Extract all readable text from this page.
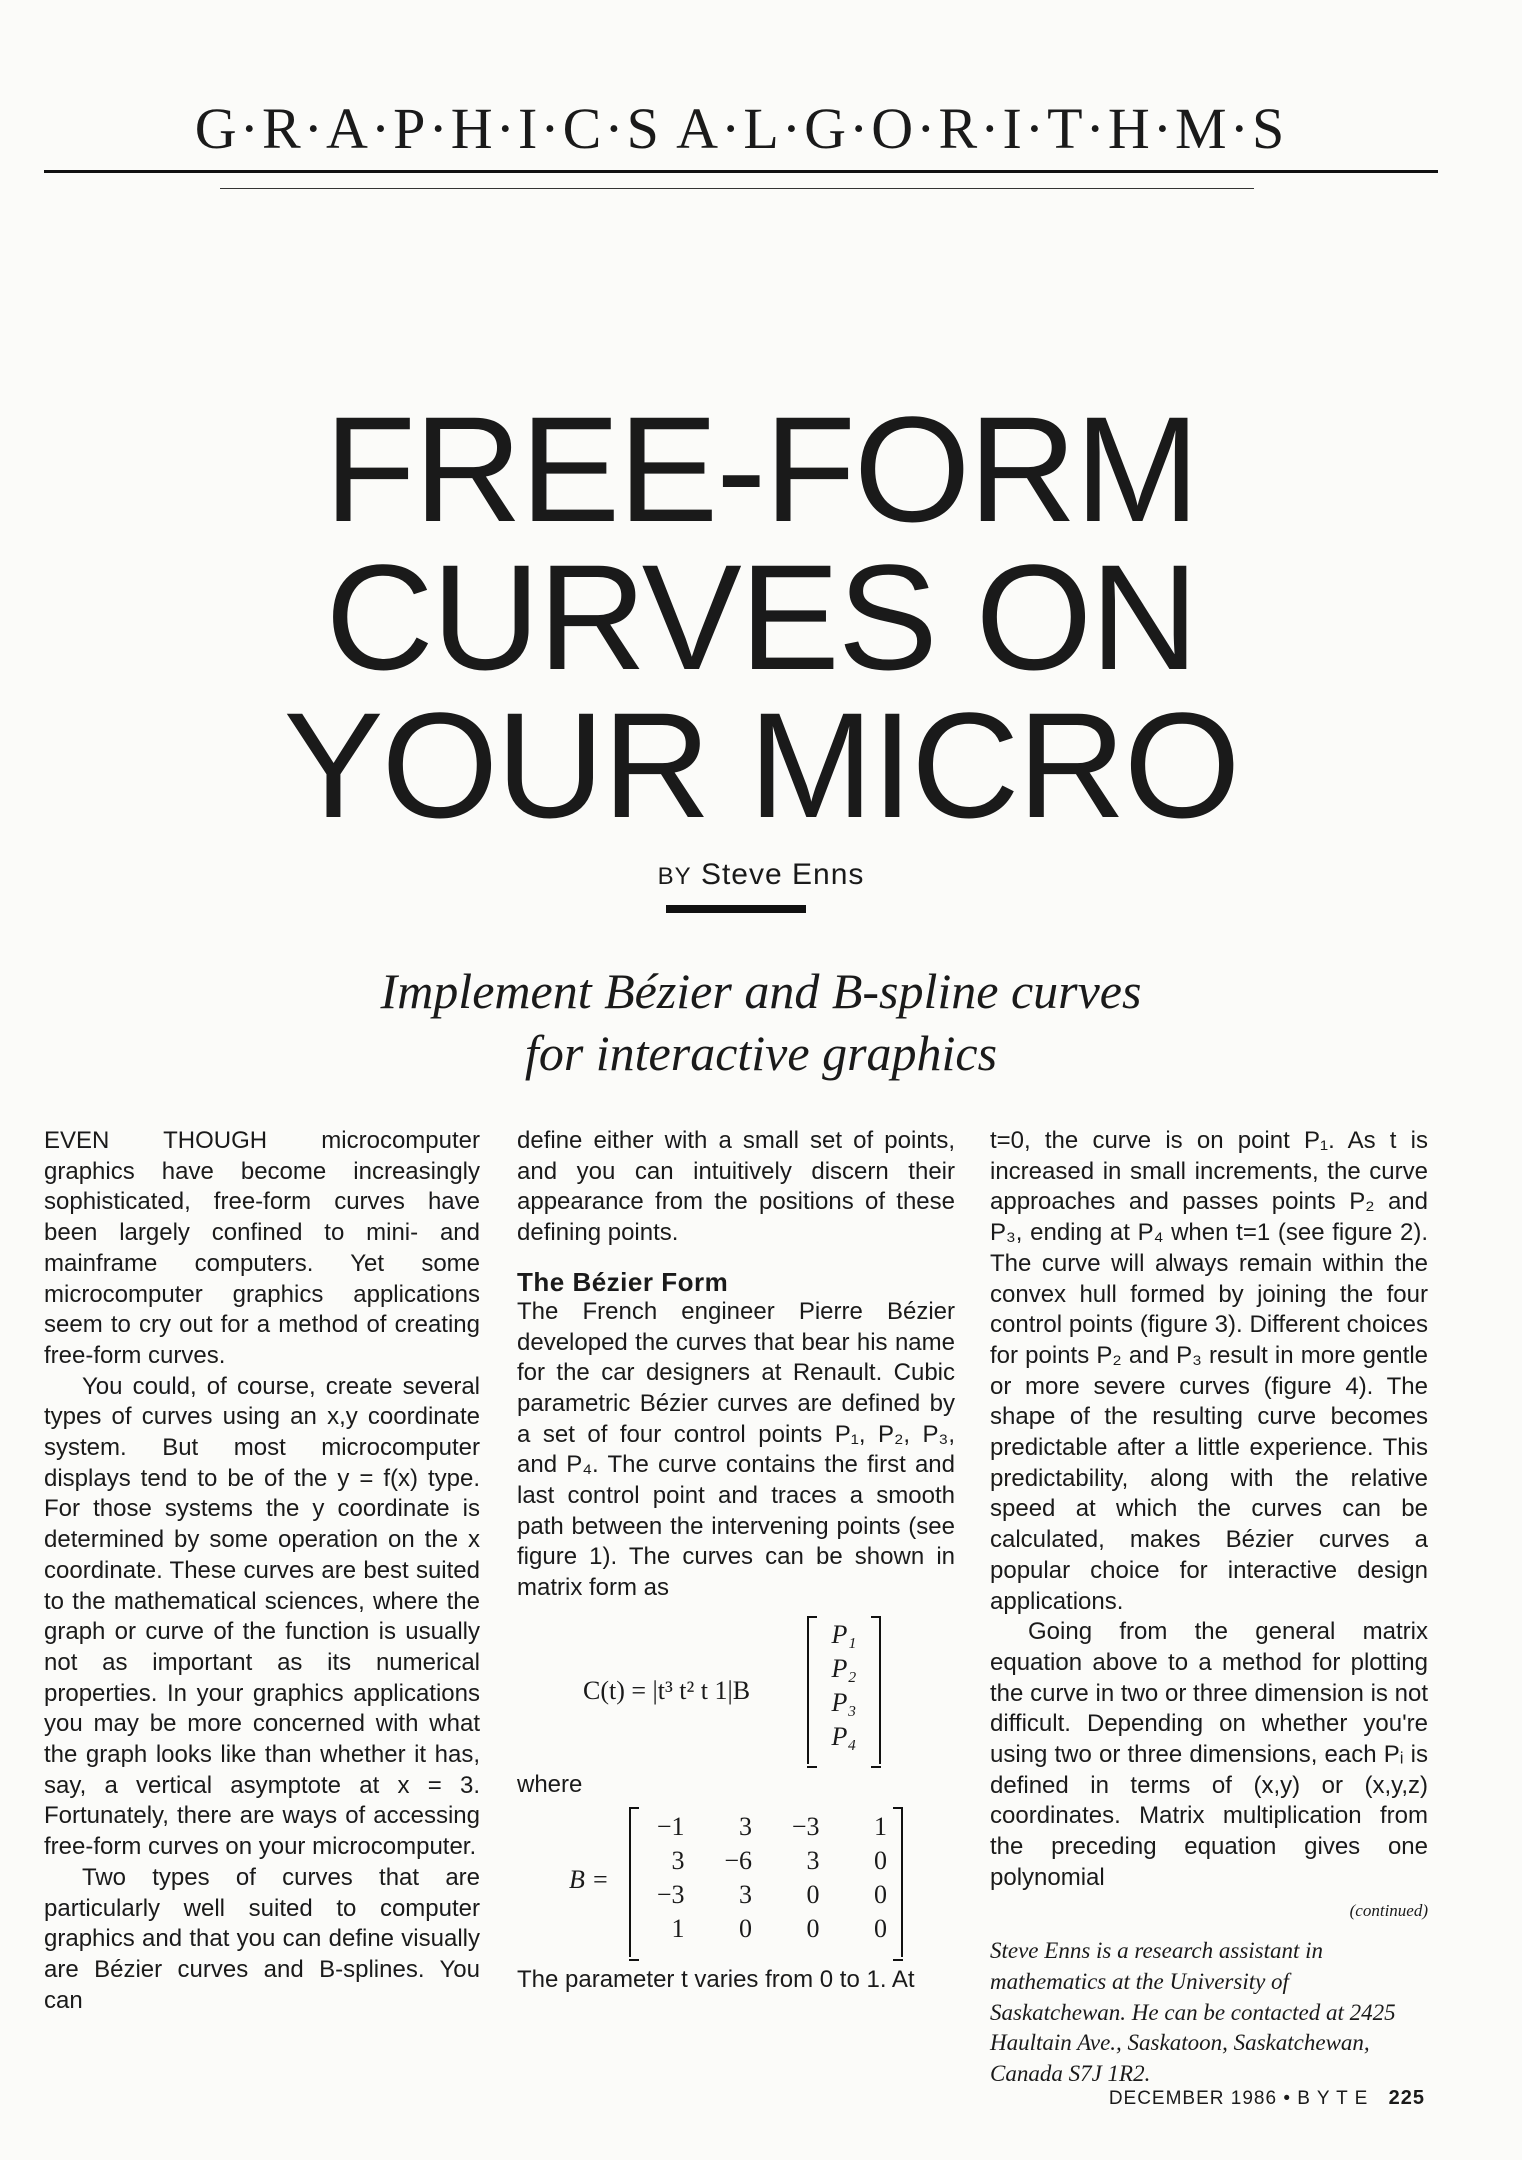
G·R·A·P·H·I·C·S A·L·G·O·R·I·T·H·M·S
FREE-FORM
CURVES ON
YOUR MICRO
BY Steve Enns
Implement Bézier and B-spline curves
for interactive graphics

EVEN THOUGH microcomputer graphics have become increasingly sophisticated, free-form curves have been largely confined to mini- and mainframe computers. Yet some microcomputer graphics applications seem to cry out for a method of creating free-form curves.

You could, of course, create several types of curves using an x,y coordinate system. But most microcomputer displays tend to be of the y = f(x) type. For those systems the y coordinate is determined by some operation on the x coordinate. These curves are best suited to the mathematical sciences, where the graph or curve of the function is usually not as important as its numerical properties. In your graphics applications you may be more concerned with what the graph looks like than whether it has, say, a vertical asymptote at x = 3. Fortunately, there are ways of accessing free-form curves on your microcomputer.

Two types of curves that are particularly well suited to computer graphics and that you can define visually are Bézier curves and B-splines. You can

define either with a small set of points, and you can intuitively discern their appearance from the positions of these defining points.

The Bézier Form

The French engineer Pierre Bézier developed the curves that bear his name for the car designers at Renault. Cubic parametric Bézier curves are defined by a set of four control points P₁, P₂, P₃, and P₄. The curve contains the first and last control point and traces a smooth path between the intervening points (see figure 1). The curves can be shown in matrix form as

C(t) = |t³ t² t 1|B
P₁
P₂
P₃
P₄
where
B =
−1	3	−3	1
3	−6	3	0
−3	3	0	0
1	0	0	0

The parameter t varies from 0 to 1. At

t=0, the curve is on point P₁. As t is increased in small increments, the curve approaches and passes points P₂ and P₃, ending at P₄ when t=1 (see figure 2). The curve will always remain within the convex hull formed by joining the four control points (figure 3). Different choices for points P₂ and P₃ result in more gentle or more severe curves (figure 4). The shape of the resulting curve becomes predictable after a little experience. This predictability, along with the relative speed at which the curves can be calculated, makes Bézier curves a popular choice for interactive design applications.

Going from the general matrix equation above to a method for plotting the curve in two or three dimension is not difficult. Depending on whether you're using two or three dimensions, each Pᵢ is defined in terms of (x,y) or (x,y,z) coordinates. Matrix multiplication from the preceding equation gives one polynomial

(continued)
Steve Enns is a research assistant in mathematics at the University of Saskatchewan. He can be contacted at 2425 Haultain Ave., Saskatoon, Saskatchewan, Canada S7J 1R2.
DECEMBER 1986 • B Y T E 225
